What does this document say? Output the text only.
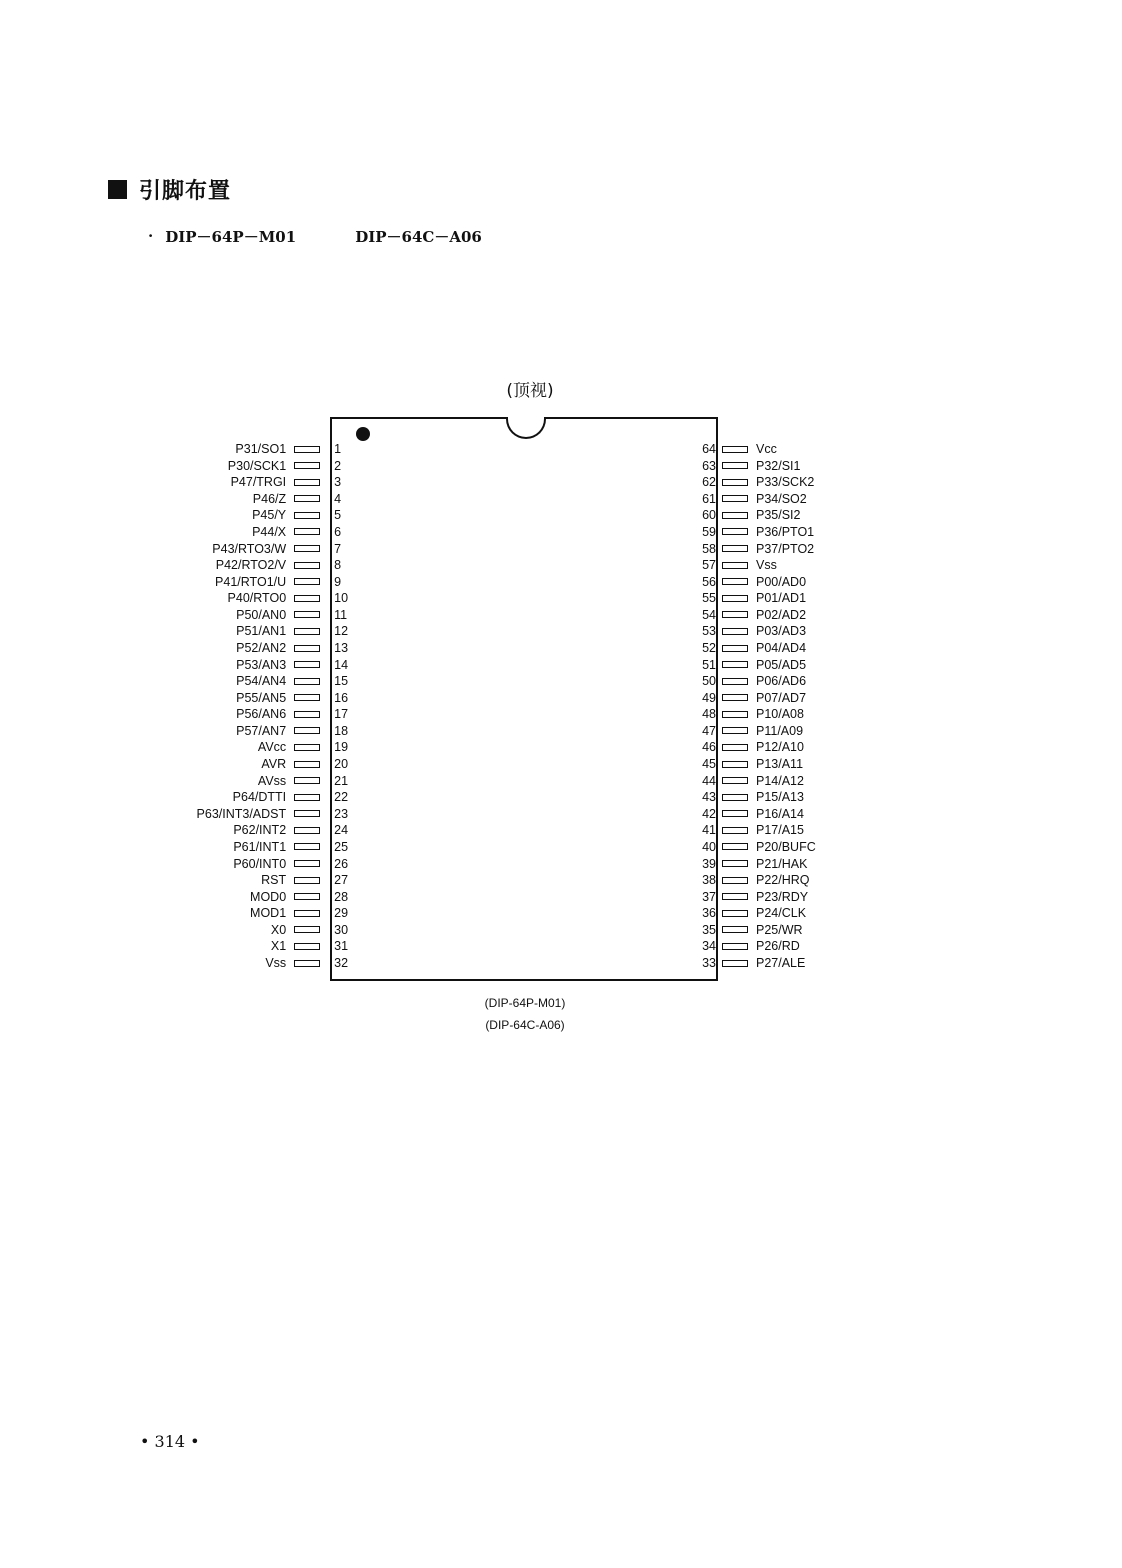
引脚布置
· DIP－64P－M01	DIP－64C－A06
(顶视)
P31/SO1	1
P30/SCK1	2
P47/TRGI	3
P46/Z	4
P45/Y	5
P44/X	6
P43/RTO3/W	7
P42/RTO2/V	8
P41/RTO1/U	9
P40/RTO0	10
P50/AN0	11
P51/AN1	12
P52/AN2	13
P53/AN3	14
P54/AN4	15
P55/AN5	16
P56/AN6	17
P57/AN7	18
AVcc	19
AVR	20
AVss	21
P64/DTTI	22
P63/INT3/ADST	23
P62/INT2	24
P61/INT1	25
P60/INT0	26
RST	27
MOD0	28
MOD1	29
X0	30
X1	31
Vss	32
64	Vcc
63	P32/SI1
62	P33/SCK2
61	P34/SO2
60	P35/SI2
59	P36/PTO1
58	P37/PTO2
57	Vss
56	P00/AD0
55	P01/AD1
54	P02/AD2
53	P03/AD3
52	P04/AD4
51	P05/AD5
50	P06/AD6
49	P07/AD7
48	P10/A08
47	P11/A09
46	P12/A10
45	P13/A11
44	P14/A12
43	P15/A13
42	P16/A14
41	P17/A15
40	P20/BUFC
39	P21/HAK
38	P22/HRQ
37	P23/RDY
36	P24/CLK
35	P25/WR
34	P26/RD
33	P27/ALE
(DIP-64P-M01)
(DIP-64C-A06)
• 314 •
